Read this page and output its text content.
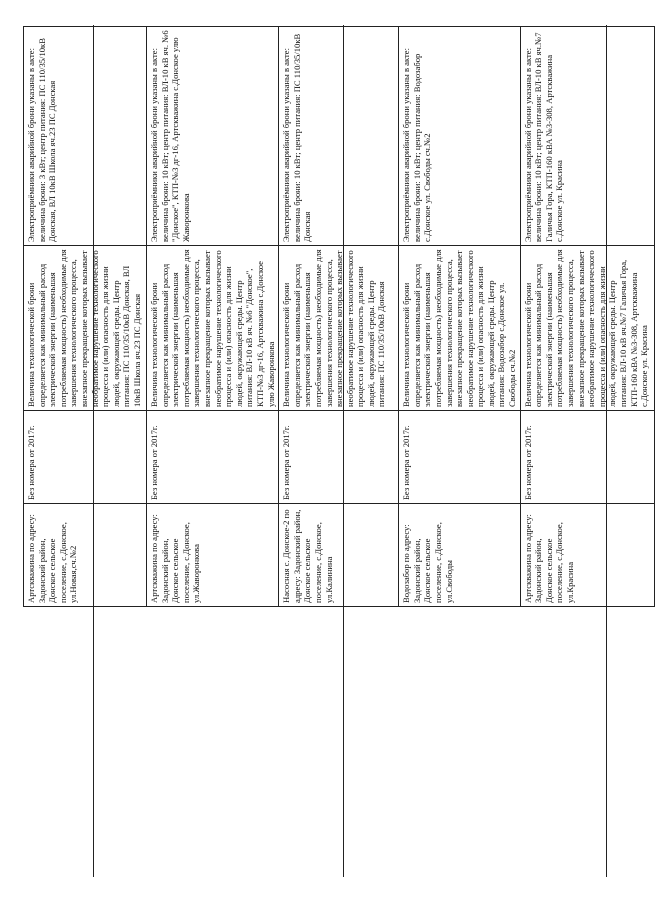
Артскважина по адресу: Задонский район, Донское сельское поселение, с.Донское, ул.Новая,сч.№2	Без номера от 2017г.	Величина технологической брони определяется как минимальный расход электрической энергии (наименьшая потребляемая мощность) необходимые для завершения технологического процесса, внезапное прекращение которых вызывает необратимое нарушение технологического процесса и (или) опасность для жизни людей, окружающей среды. Центр питания: ПС 110/35/10кВ Донская, ВЛ 10кВ Школа яч.23 ПС Донская	Электроприёмники аварийной брони указаны в акте: величина брони: 3 кВт; центр питания: ПС 110/35/10кВ Донская, ВЛ 10кВ Школа яч.23 ПС Донская
Артскважина по адресу: Задонский район, Донское сельское поселение, с.Донское, ул.Жаворонкова	Без номера от 2017г.	Величина технологической брони определяется как минимальный расход электрической энергии (наименьшая потребляемая мощность) необходимые для завершения технологического процесса, внезапное прекращение которых вызывает необратимое нарушение технологического процесса и (или) опасность для жизни людей, окружающей среды. Центр питания: ВЛ-10 кВ яч. №6 "Донское", КТП-№3 дг-16, Артскважина с.Донское улю Жаворонкова	Электроприёмники аварийной брони указаны в акте: величина брони: 10 кВт; центр питания: ВЛ-10 кВ яч. №6 "Донское", КТП-№3 дг-16, Артскважина с.Донское улю Жаворонкова
Насосная с. Донское-2 по адресу: Задонский район, Донское сельское поселение, с.Донское, ул.Калинина	Без номера от 2017г.	Величина технологической брони определяется как минимальный расход электрической энергии (наименьшая потребляемая мощность) необходимые для завершения технологического процесса, внезапное прекращение которых вызывает необратимое нарушение технологического процесса и (или) опасность для жизни людей, окружающей среды. Центр питания: ПС 110/35/10кВ Донская	Электроприёмники аварийной брони указаны в акте: величина брони: 10 кВт; центр питания: ПС 110/35/10кВ Донская
Водозабор по адресу: Задонский район, Донское сельское поселение, с.Донское, ул.Свободы	Без номера от 2017г.	Величина технологической брони определяется как минимальный расход электрической энергии (наименьшая потребляемая мощность) необходимые для завершения технологического процесса, внезапное прекращение которых вызывает необратимое нарушение технологического процесса и (или) опасность для жизни людей, окружающей среды. Центр питания: Водозабор с.Донское ул. Свободы сч.№2	Электроприёмники аварийной брони указаны в акте: величина брони: 10 кВт; центр питания: Водозабор с.Донское ул. Свободы сч.№2
Артскважина по адресу: Задонский район, Донское сельское поселение, с.Донское, ул.Красина	Без номера от 2017г.	Величина технологической брони определяется как минимальный расход электрической энергии (наименьшая потребляемая мощность) необходимые для завершения технологического процесса, внезапное прекращение которых вызывает необратимое нарушение технологического процесса и (или) опасность для жизни людей, окружающей среды. Центр питания: ВЛ-10 кВ яч.№7 Галичья Гора, КТП-160 кВА №3-308, Артскважина с.Донское ул. Красина	Электроприёмники аварийной брони указаны в акте: величина брони: 10 кВт; центр питания: ВЛ-10 кВ яч.№7 Галичья Гора, КТП-160 кВА №3-308, Артскважина с.Донское ул. Красина
